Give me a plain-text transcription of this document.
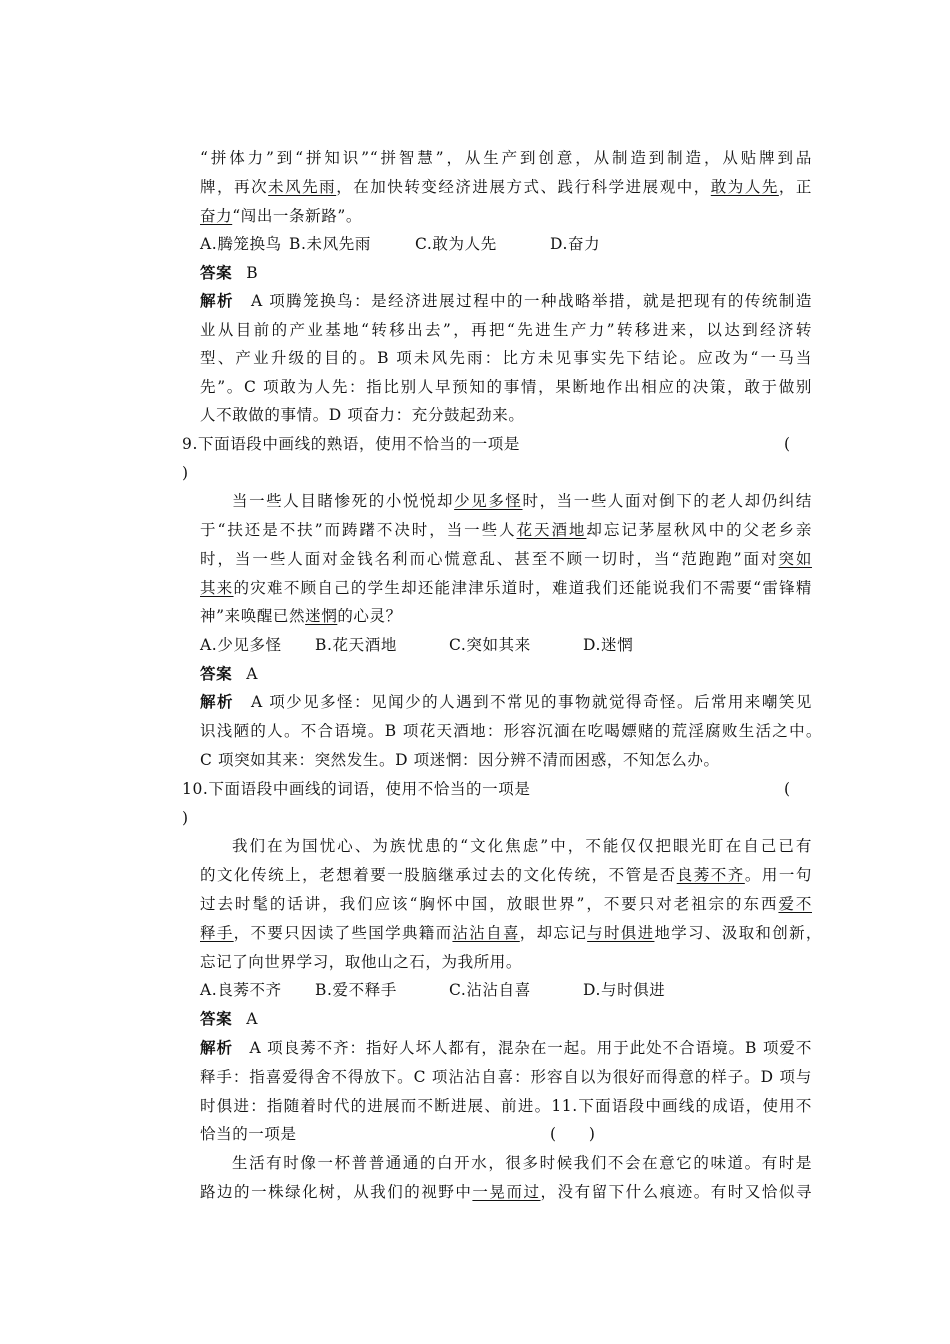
“拼体力”到“拼知识”“拼智慧”，从生产到创意，从制造到制造，从贴牌到品
牌，再次未风先雨，在加快转变经济进展方式、践行科学进展观中，敢为人先，正
奋力“闯出一条新路”。
A.腾笼换鸟 B.未风先雨	C.敢为人先	D.奋力
答案 B
解析　 A 项腾笼换鸟：是经济进展过程中的一种战略举措，就是把现有的传统制造
业从目前的产业基地“转移出去”，再把“先进生产力”转移进来，以达到经济转
型、产业升级的目的。B 项未风先雨：比方未见事实先下结论。应改为“一马当
先”。C 项敢为人先：指比别人早预知的事情，果断地作出相应的决策，敢于做别
人不敢做的事情。D 项奋力：充分鼓起劲来。
9.下面语段中画线的熟语，使用不恰当的一项是	(
)
当一些人目睹惨死的小悦悦却少见多怪时，当一些人面对倒下的老人却仍纠结
于“扶还是不扶”而踌躇不决时，当一些人花天酒地却忘记茅屋秋风中的父老乡亲
时，当一些人面对金钱名利而心慌意乱、甚至不顾一切时，当“范跑跑”面对突如
其来的灾难不顾自己的学生却还能津津乐道时，难道我们还能说我们不需要“雷锋精
神”来唤醒已然迷惘的心灵？
A.少见多怪 B.花天酒地	C.突如其来	D.迷惘
答案 A
解析　 A 项少见多怪：见闻少的人遇到不常见的事物就觉得奇怪。后常用来嘲笑见
识浅陋的人。不合语境。B 项花天酒地：形容沉湎在吃喝嫖赌的荒淫腐败生活之中。
C 项突如其来：突然发生。D 项迷惘：因分辨不清而困惑，不知怎么办。
10.下面语段中画线的词语，使用不恰当的一项是	(
)
我们在为国忧心、为族忧患的“文化焦虑”中，不能仅仅把眼光盯在自己已有
的文化传统上，老想着要一股脑继承过去的文化传统，不管是否良莠不齐。用一句
过去时髦的话讲，我们应该“胸怀中国，放眼世界”，不要只对老祖宗的东西爱不
释手，不要只因读了些国学典籍而沾沾自喜，却忘记与时俱进地学习、汲取和创新，
忘记了向世界学习，取他山之石，为我所用。
A.良莠不齐 B.爱不释手	C.沾沾自喜	D.与时俱进
答案 A
解析　 A 项良莠不齐：指好人坏人都有，混杂在一起。用于此处不合语境。B 项爱不
释手：指喜爱得舍不得放下。C 项沾沾自喜：形容自以为很好而得意的样子。D 项与
时俱进：指随着时代的进展而不断进展、前进。11.下面语段中画线的成语，使用不
恰当的一项是	(　　)
生活有时像一杯普普通通的白开水，很多时候我们不会在意它的味道。有时是
路边的一株绿化树，从我们的视野中一晃而过，没有留下什么痕迹。有时又恰似寻
